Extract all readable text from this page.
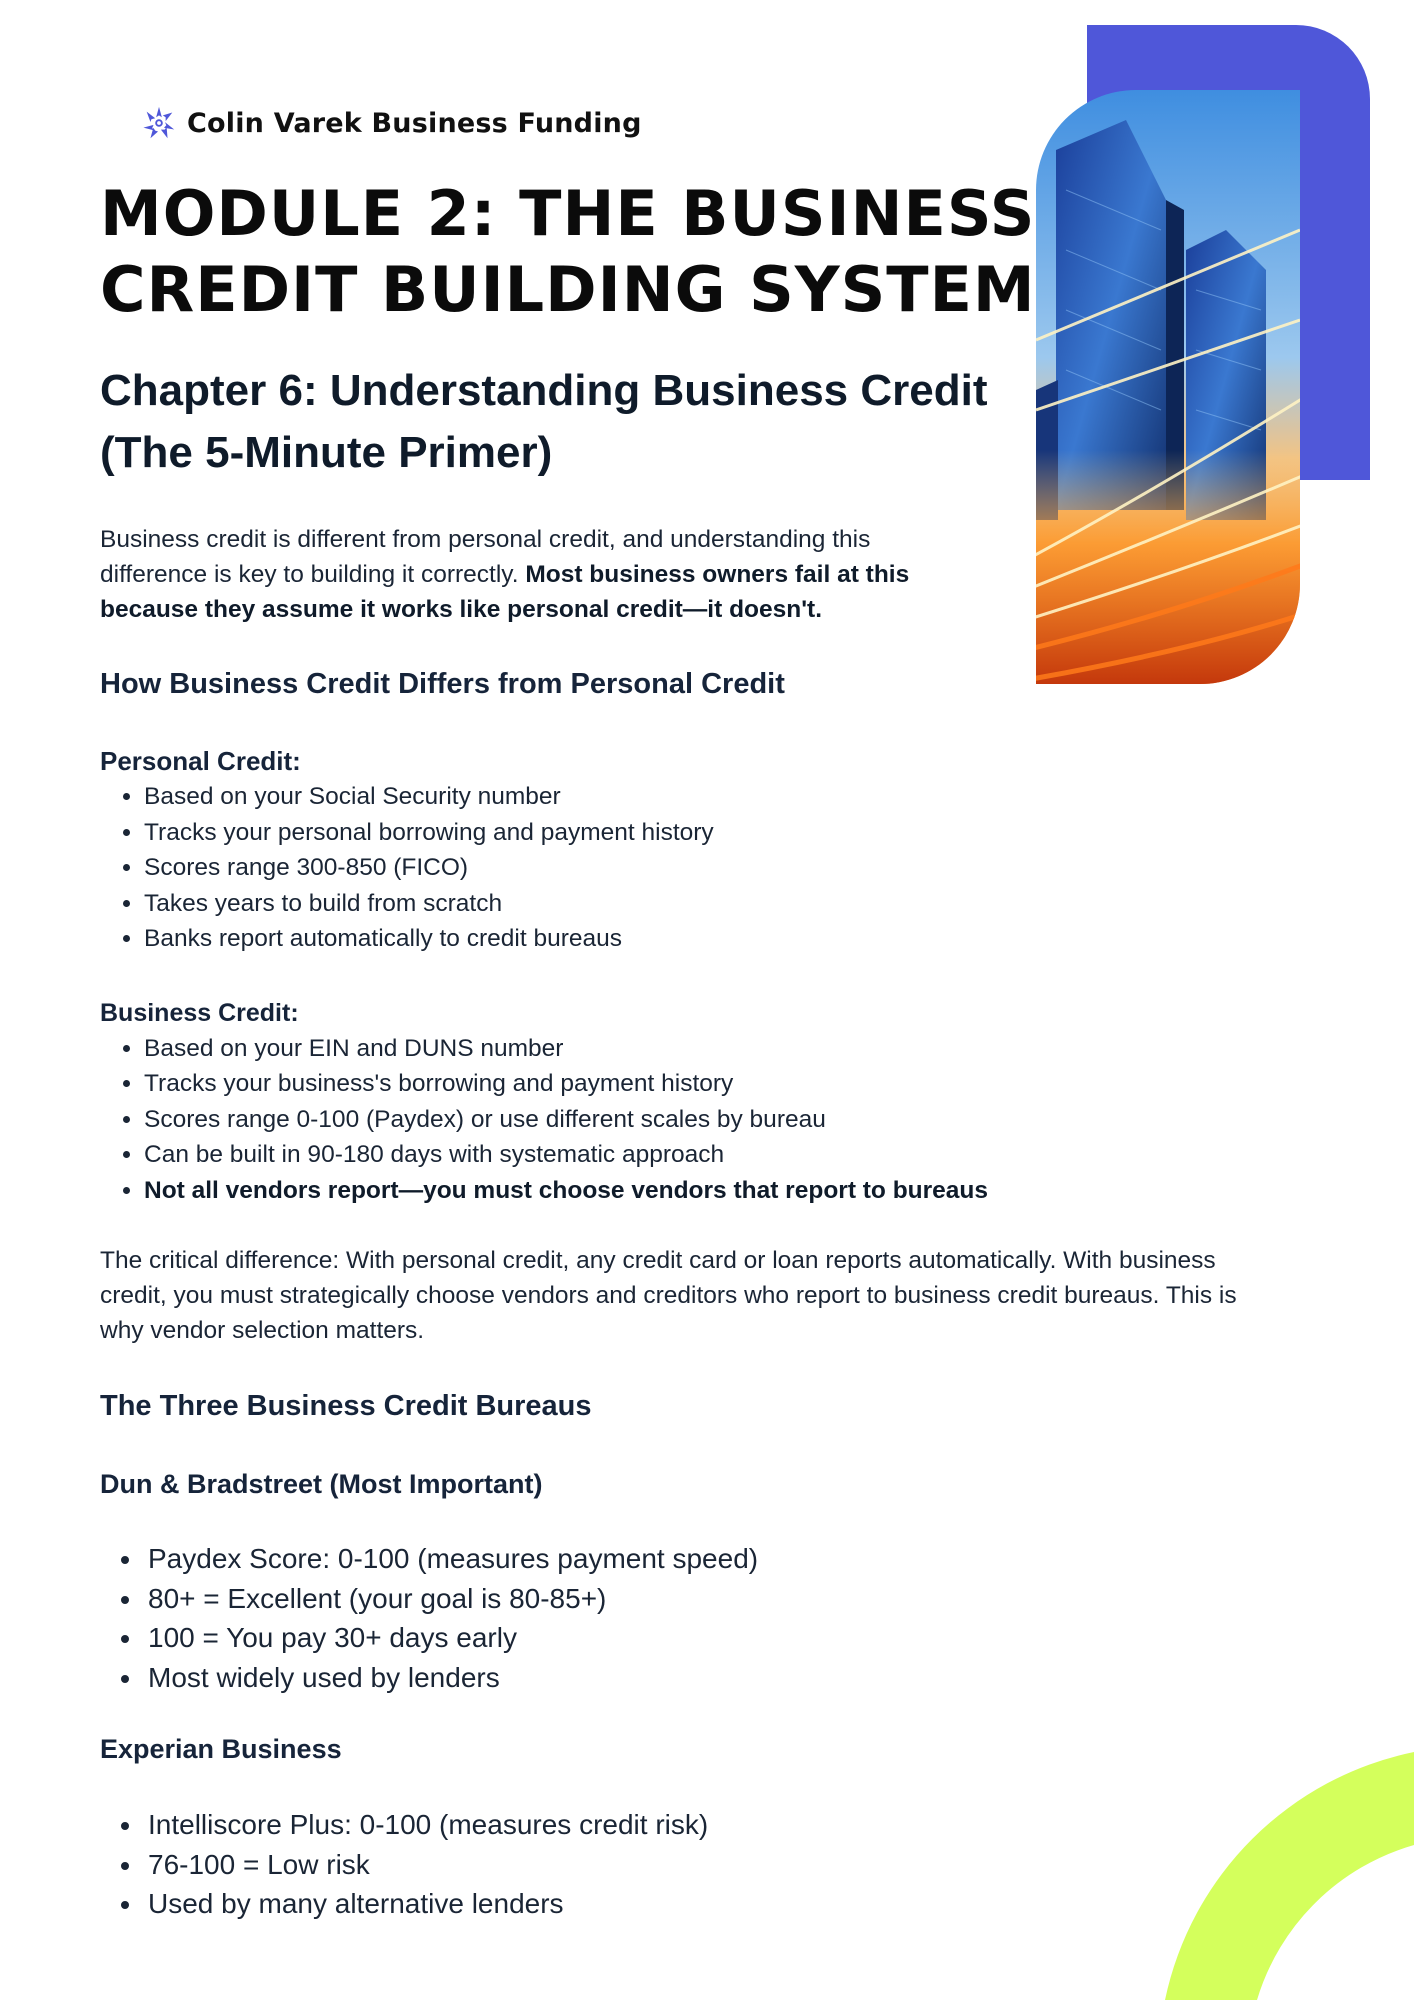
Colin Varek Business Funding
MODULE 2: THE BUSINESS
CREDIT BUILDING SYSTEM
Chapter 6: Understanding Business Credit
(The 5-Minute Primer)

Business credit is different from personal credit, and understanding this difference is key to building it correctly. Most business owners fail at this because they assume it works like personal credit—it doesn't.

How Business Credit Differs from Personal Credit
Personal Credit:
• Based on your Social Security number
• Tracks your personal borrowing and payment history
• Scores range 300-850 (FICO)
• Takes years to build from scratch
• Banks report automatically to credit bureaus
Business Credit:
• Based on your EIN and DUNS number
• Tracks your business's borrowing and payment history
• Scores range 0-100 (Paydex) or use different scales by bureau
• Can be built in 90-180 days with systematic approach
• Not all vendors report—you must choose vendors that report to bureaus

The critical difference: With personal credit, any credit card or loan reports automatically. With business credit, you must strategically choose vendors and creditors who report to business credit bureaus. This is why vendor selection matters.

The Three Business Credit Bureaus
Dun & Bradstreet (Most Important)
• Paydex Score: 0-100 (measures payment speed)
• 80+ = Excellent (your goal is 80-85+)
• 100 = You pay 30+ days early
• Most widely used by lenders
Experian Business
• Intelliscore Plus: 0-100 (measures credit risk)
• 76-100 = Low risk
• Used by many alternative lenders
